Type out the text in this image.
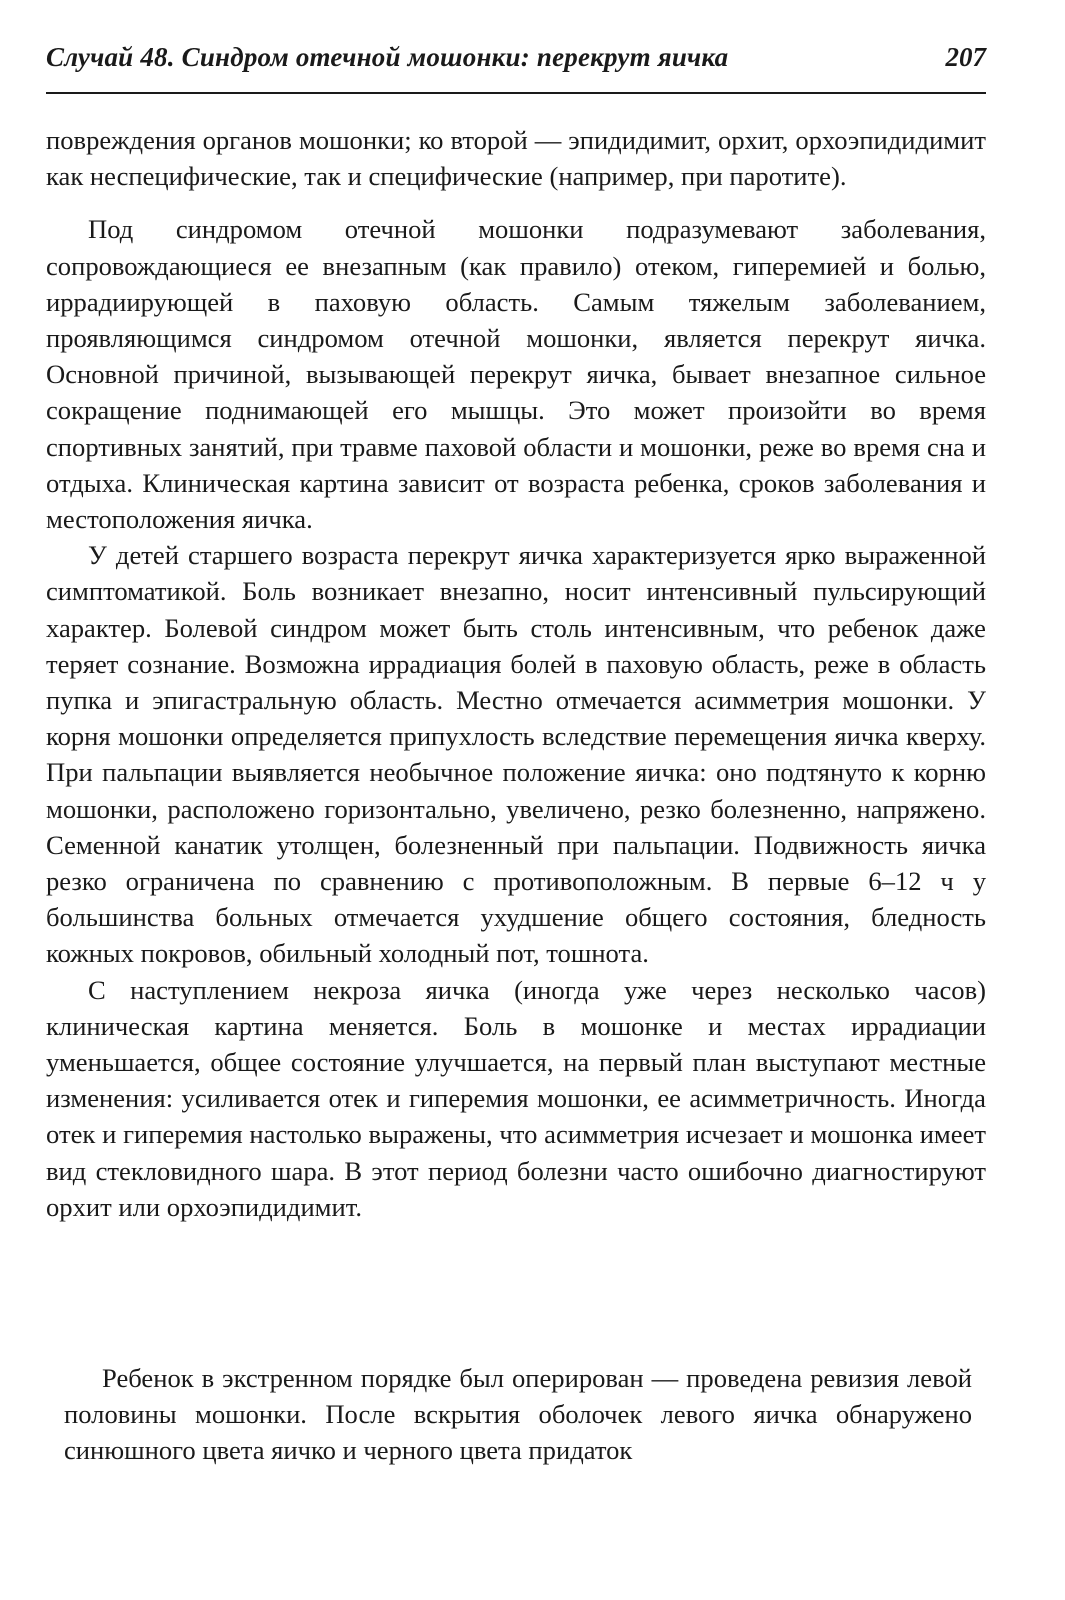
Случай 48. Синдром отечной мошонки: перекрут яичка	207

повреждения органов мошонки; ко второй — эпидидимит, орхит, орхоэпидидимит как неспецифические, так и специфические (например, при паротите).

Под синдромом отечной мошонки подразумевают заболевания, сопровождающиеся ее внезапным (как правило) отеком, гиперемией и болью, иррадиирующей в паховую область. Самым тяжелым заболеванием, проявляющимся синдромом отечной мошонки, является перекрут яичка. Основной причиной, вызывающей перекрут яичка, бывает внезапное сильное сокращение поднимающей его мышцы. Это может произойти во время спортивных занятий, при травме паховой области и мошонки, реже во время сна и отдыха. Клиническая картина зависит от возраста ребенка, сроков заболевания и местоположения яичка.

У детей старшего возраста перекрут яичка характеризуется ярко выраженной симптоматикой. Боль возникает внезапно, носит интенсивный пульсирующий характер. Болевой синдром может быть столь интенсивным, что ребенок даже теряет сознание. Возможна иррадиация болей в паховую область, реже в область пупка и эпигастральную область. Местно отмечается асимметрия мошонки. У корня мошонки определяется припухлость вследствие перемещения яичка кверху. При пальпации выявляется необычное положение яичка: оно подтянуто к корню мошонки, расположено горизонтально, увеличено, резко болезненно, напряжено. Семенной канатик утолщен, болезненный при пальпации. Подвижность яичка резко ограничена по сравнению с противоположным. В первые 6–12 ч у большинства больных отмечается ухудшение общего состояния, бледность кожных покровов, обильный холодный пот, тошнота.

С наступлением некроза яичка (иногда уже через несколько часов) клиническая картина меняется. Боль в мошонке и местах иррадиации уменьшается, общее состояние улучшается, на первый план выступают местные изменения: усиливается отек и гиперемия мошонки, ее асимметричность. Иногда отек и гиперемия настолько выражены, что асимметрия исчезает и мошонка имеет вид стекловидного шара. В этот период болезни часто ошибочно диагностируют орхит или орхоэпидидимит.

Ребенок в экстренном порядке был оперирован — проведена ревизия левой половины мошонки. После вскрытия оболочек левого яичка обнаружено синюшного цвета яичко и черного цвета придаток
